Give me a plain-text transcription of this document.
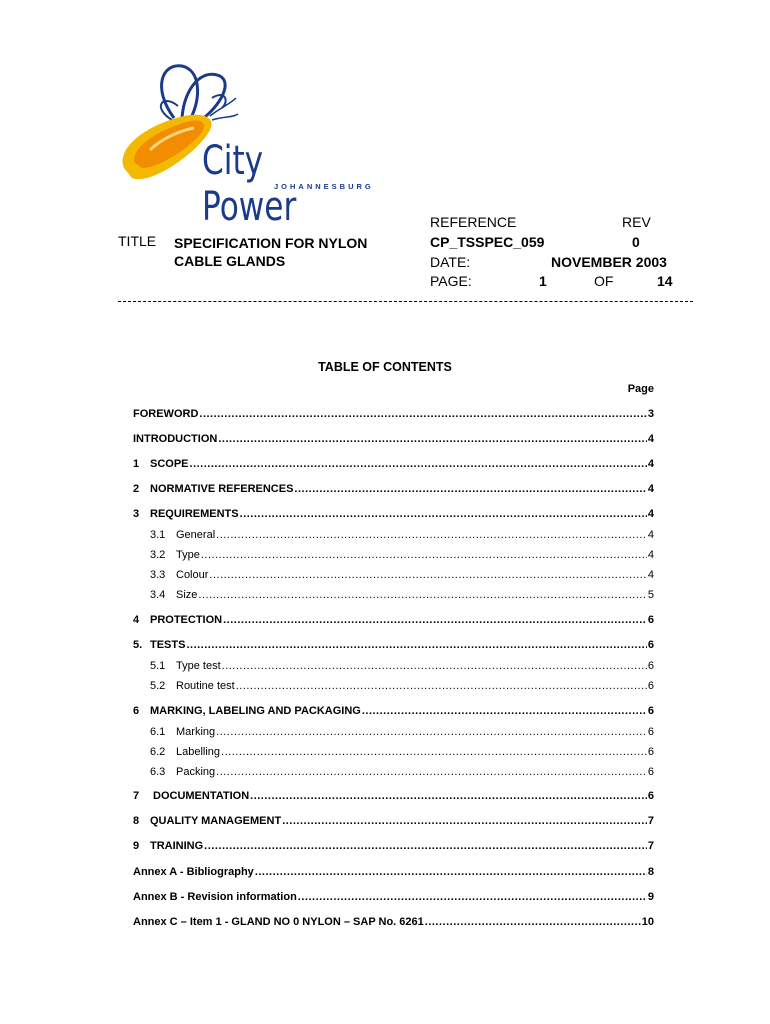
City Power
JOHANNESBURG
TITLE SPECIFICATION FOR NYLON CABLE GLANDS
REFERENCE	REV
CP_TSSPEC_059	0
DATE:	NOVEMBER 2003
PAGE:	1	OF	14
TABLE OF CONTENTS
Page
FOREWORD .....	3
INTRODUCTION .....	4
1 SCOPE .....	4
2 NORMATIVE REFERENCES .....	4
3 REQUIREMENTS .....	4
3.1 General .....	4
3.2 Type .....	4
3.3 Colour .....	4
3.4 Size .....	5
4 PROTECTION .....	6
5. TESTS .....	6
5.1 Type test .....	6
5.2 Routine test .....	6
6 MARKING, LABELING AND PACKAGING .....	6
6.1 Marking .....	6
6.2 Labelling .....	6
6.3 Packing .....	6
7	DOCUMENTATION .....	6
8 QUALITY MANAGEMENT .....	7
9 TRAINING .....	7
Annex A - Bibliography .....	8
Annex B - Revision information .....	9
Annex C – Item 1 - GLAND NO 0 NYLON – SAP No. 6261 .....	10
